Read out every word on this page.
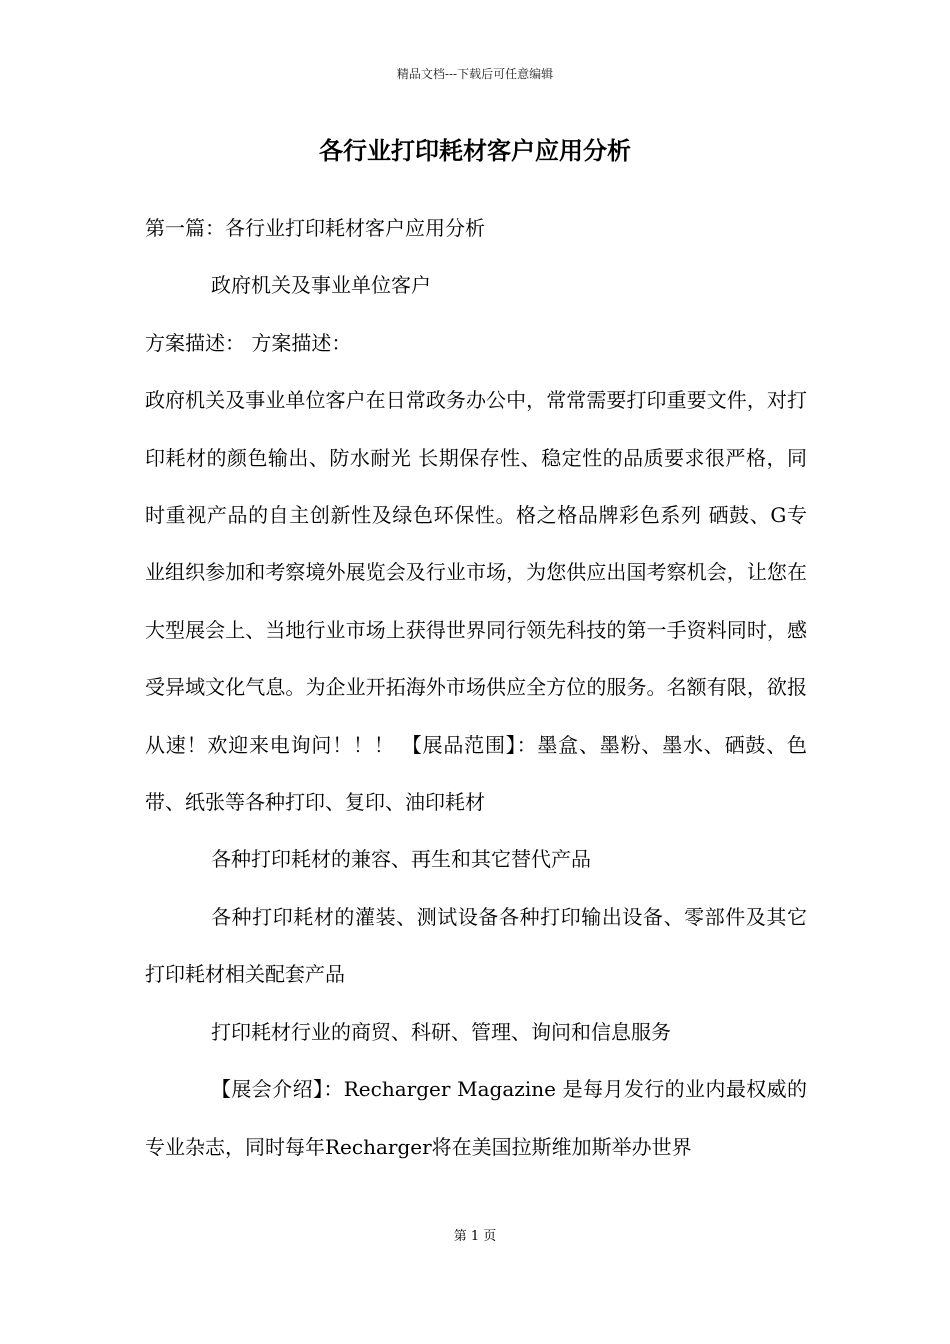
精品文档---下载后可任意编辑
各行业打印耗材客户应用分析

第一篇：各行业打印耗材客户应用分析

政府机关及事业单位客户

方案描述： 方案描述：

政府机关及事业单位客户在日常政务办公中，常常需要打印重要文件，对打印耗材的颜色输出、防水耐光 长期保存性、稳定性的品质要求很严格，同时重视产品的自主创新性及绿色环保性。格之格品牌彩色系列 硒鼓、G专业组织参加和考察境外展览会及行业市场，为您供应出国考察机会，让您在大型展会上、当地行业市场上获得世界同行领先科技的第一手资料同时，感受异域文化气息。为企业开拓海外市场供应全方位的服务。名额有限，欲报从速！欢迎来电询问！！！ 【展品范围】：墨盒、墨粉、墨水、硒鼓、色带、纸张等各种打印、复印、油印耗材

各种打印耗材的兼容、再生和其它替代产品

各种打印耗材的灌装、测试设备各种打印输出设备、零部件及其它打印耗材相关配套产品

打印耗材行业的商贸、科研、管理、询问和信息服务

【展会介绍】：Recharger Magazine 是每月发行的业内最权威的专业杂志，同时每年Recharger将在美国拉斯维加斯举办世界

第 1 页
